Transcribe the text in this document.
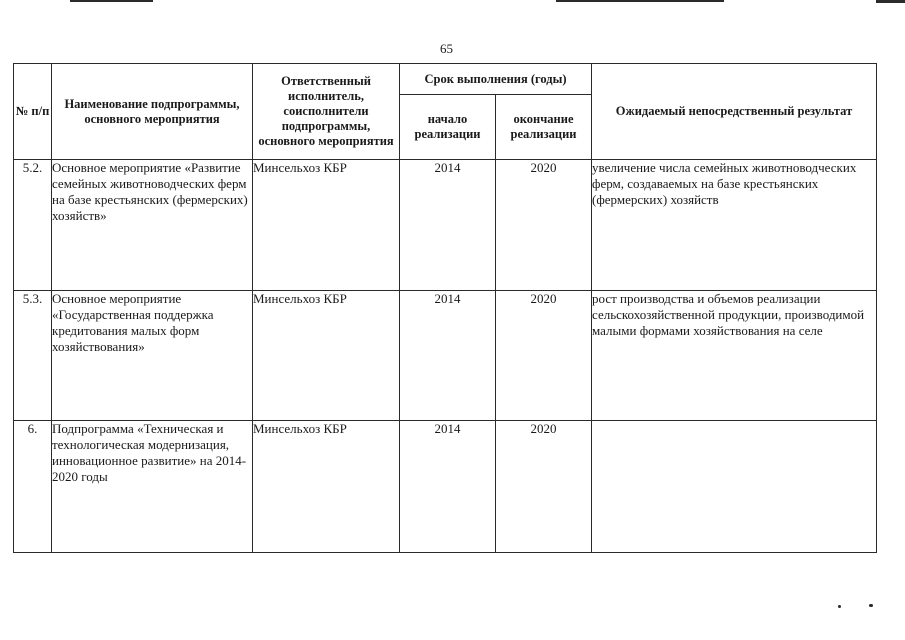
65
№ п/п	Наименование подпрограммы, основного мероприятия	Ответственный исполнитель, соисполнители подпрограммы, основного мероприятия	Срок выполнения (годы)		Ожидаемый непосредственный результат
			начало реализации	окончание реализации	
5.2.	Основное мероприятие «Развитие семейных животноводческих ферм на базе крестьянских (фермерских) хозяйств»	Минсельхоз КБР	2014	2020	увеличение числа семейных животноводческих ферм, создаваемых на базе крестьянских (фермерских) хозяйств
5.3.	Основное мероприятие «Государственная поддержка кредитования малых форм хозяйствования»	Минсельхоз КБР	2014	2020	рост производства и объемов реализации сельскохозяйственной продукции, производимой малыми формами хозяйствования на селе
6.	Подпрограмма «Техническая и технологическая модернизация, инновационное развитие» на 2014-2020 годы	Минсельхоз КБР	2014	2020	
